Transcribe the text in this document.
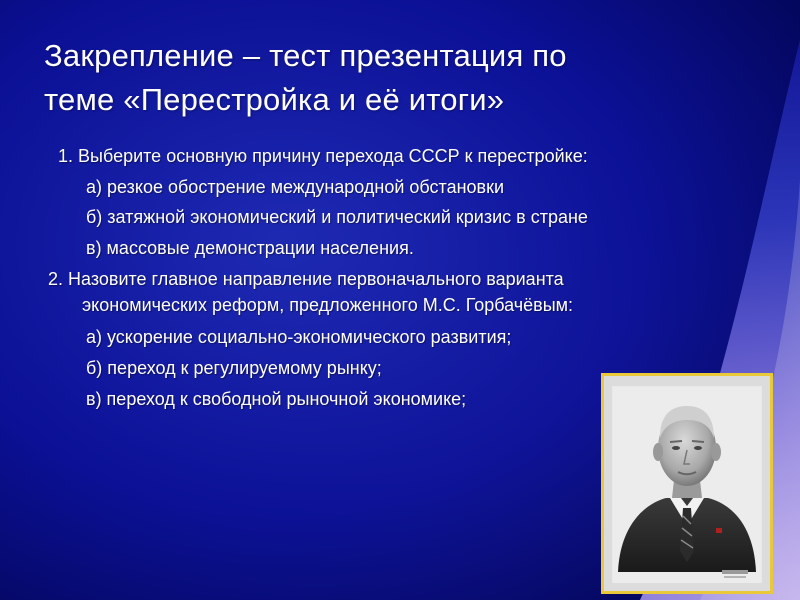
Закрепление – тест презентация по
теме «Перестройка и её итоги»
1. Выберите основную причину перехода СССР к перестройке:
а) резкое обострение международной обстановки
б) затяжной экономический и политический кризис в стране
в) массовые демонстрации населения.
2. Назовите главное направление первоначального варианта
экономических реформ, предложенного М.С. Горбачёвым:
а) ускорение социально-экономического развития;
б) переход к регулируемому рынку;
в) переход к свободной рыночной экономике;
